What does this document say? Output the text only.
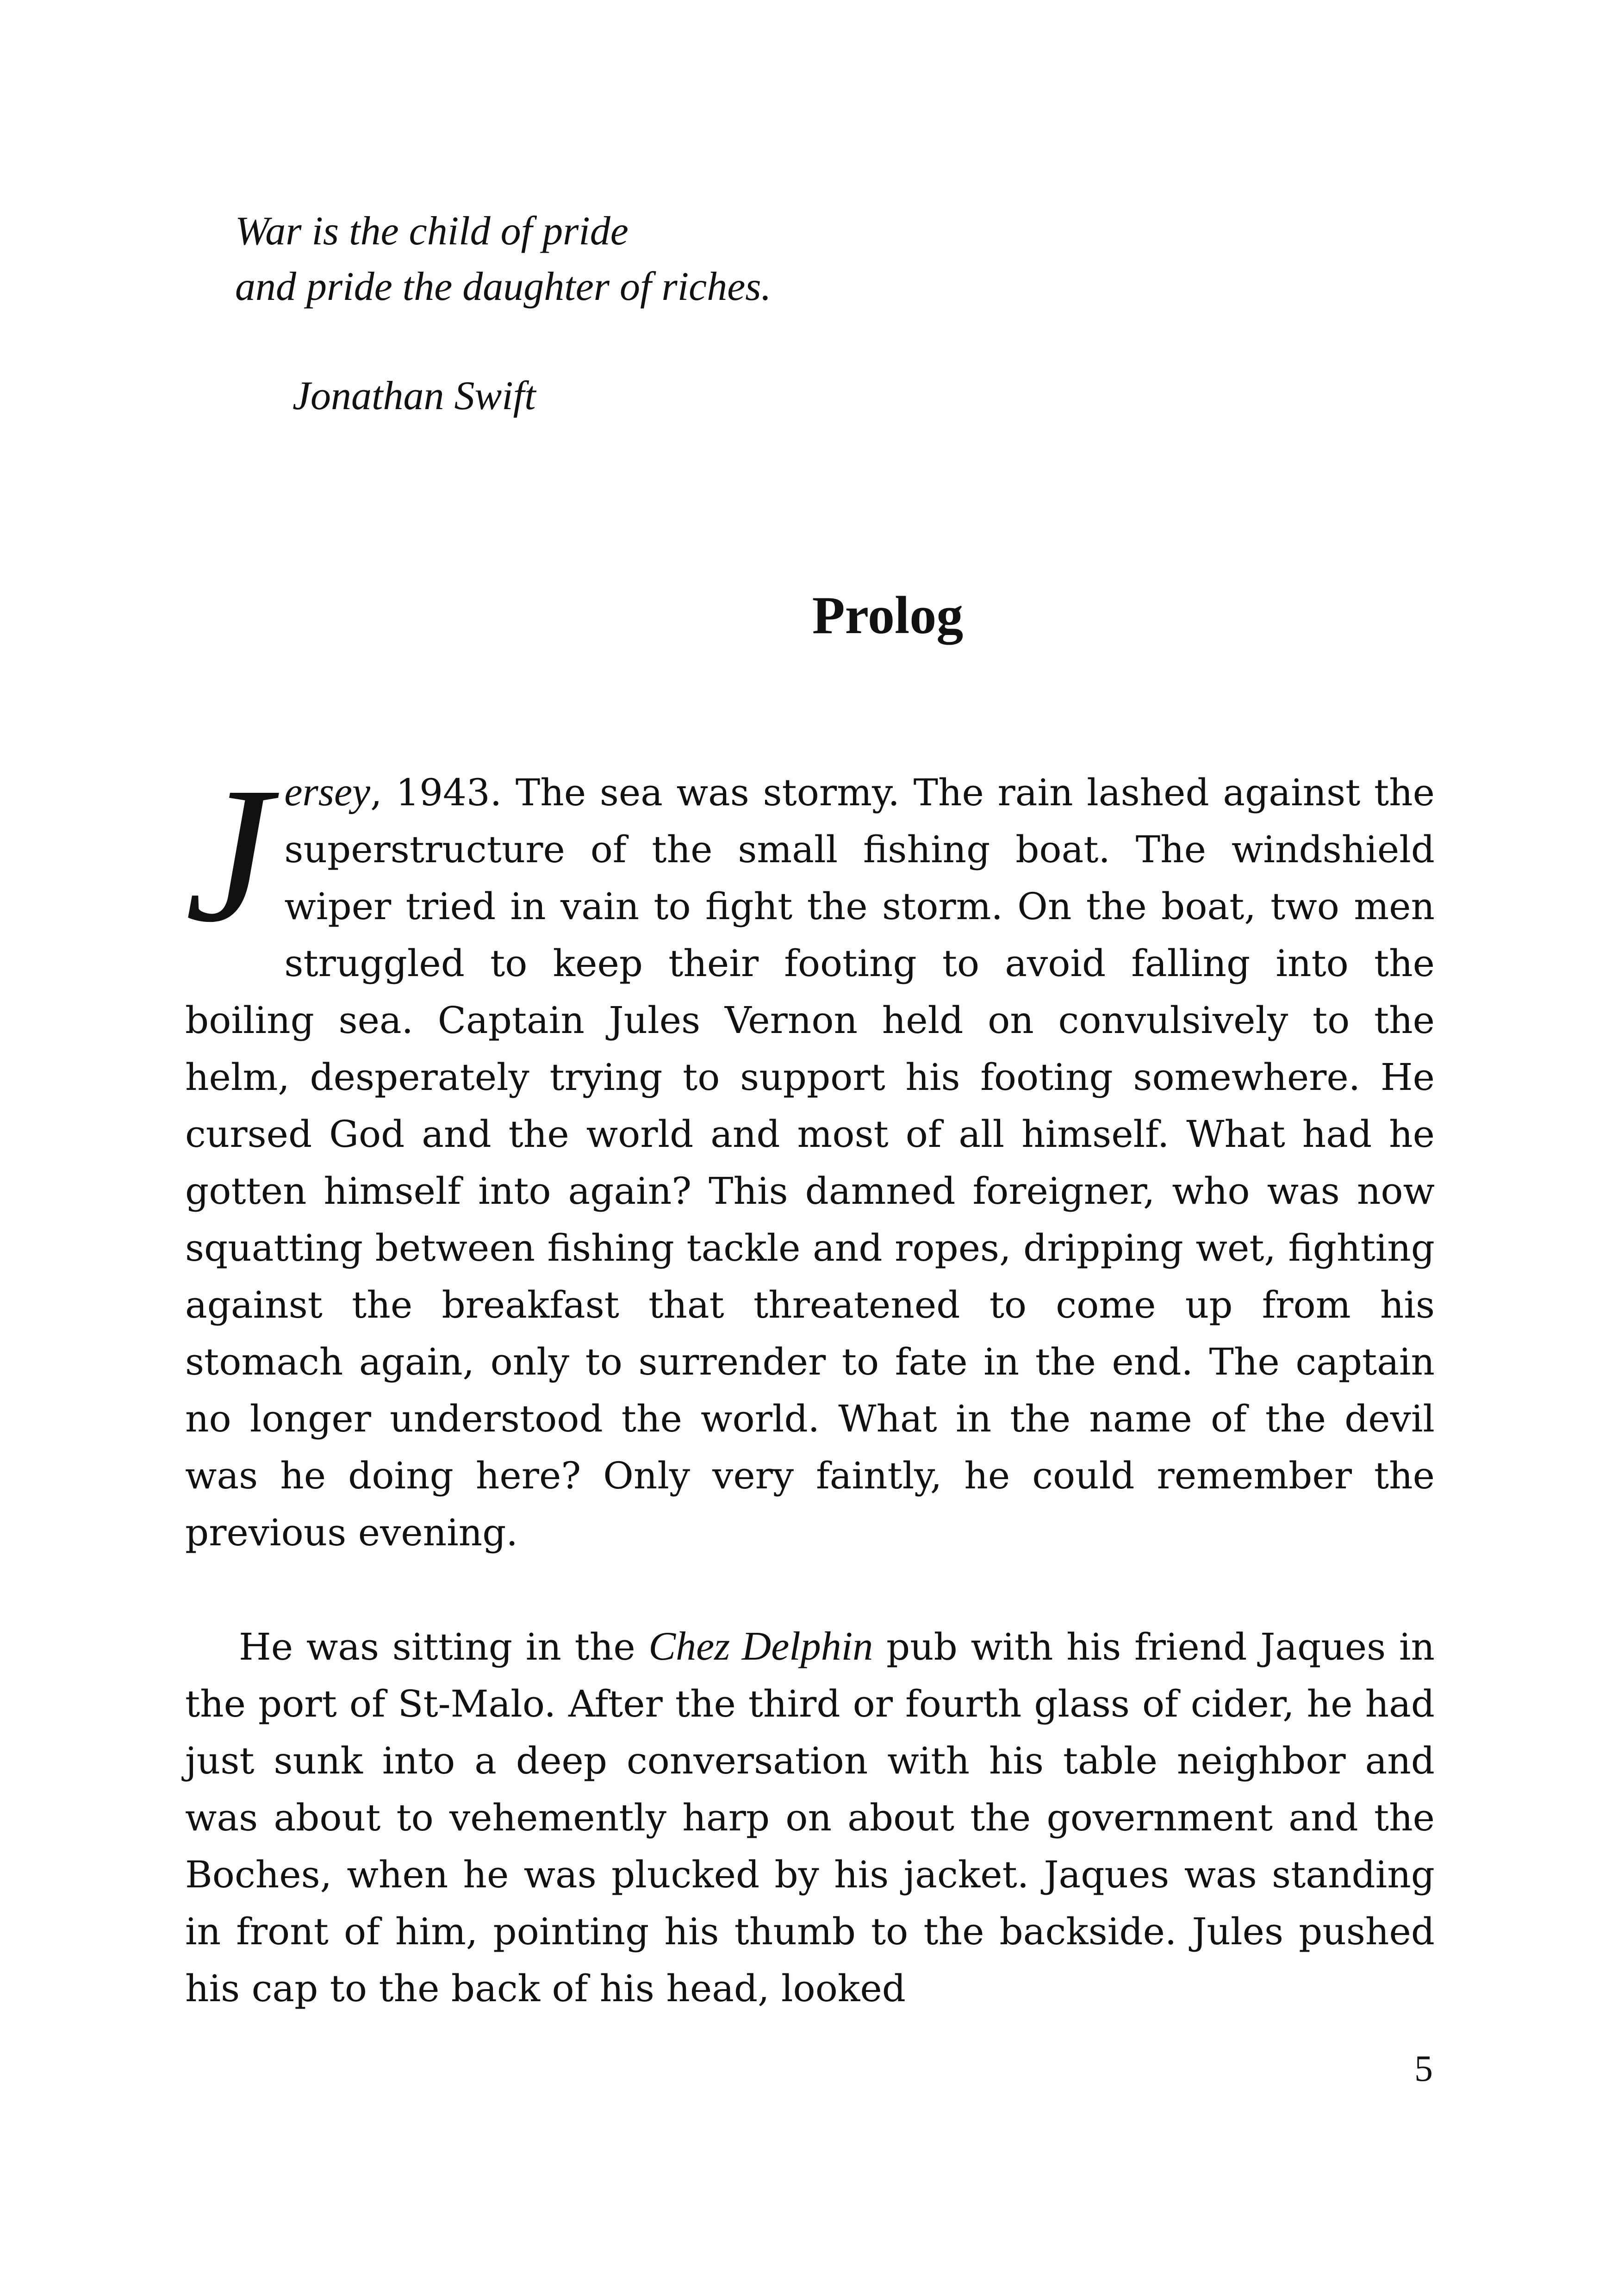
War is the child of pride
and pride the daughter of riches.
Jonathan Swift
Prolog

Jersey, 1943. The sea was stormy. The rain lashed against the superstructure of the small fishing boat. The windshield wiper tried in vain to fight the storm. On the boat, two men struggled to keep their footing to avoid falling into the boiling sea. Captain Jules Vernon held on convulsively to the helm, desperately trying to support his footing somewhere. He cursed God and the world and most of all himself. What had he gotten himself into again? This damned foreigner, who was now squatting between fishing tackle and ropes, dripping wet, fighting against the breakfast that threatened to come up from his stomach again, only to surrender to fate in the end. The captain no longer understood the world. What in the name of the devil was he doing here? Only very faintly, he could remember the previous evening.

He was sitting in the Chez Delphin pub with his friend Jaques in the port of St-Malo. After the third or fourth glass of cider, he had just sunk into a deep conversation with his table neighbor and was about to vehemently harp on about the government and the Boches, when he was plucked by his jacket. Jaques was standing in front of him, pointing his thumb to the backside. Jules pushed his cap to the back of his head, looked

5
